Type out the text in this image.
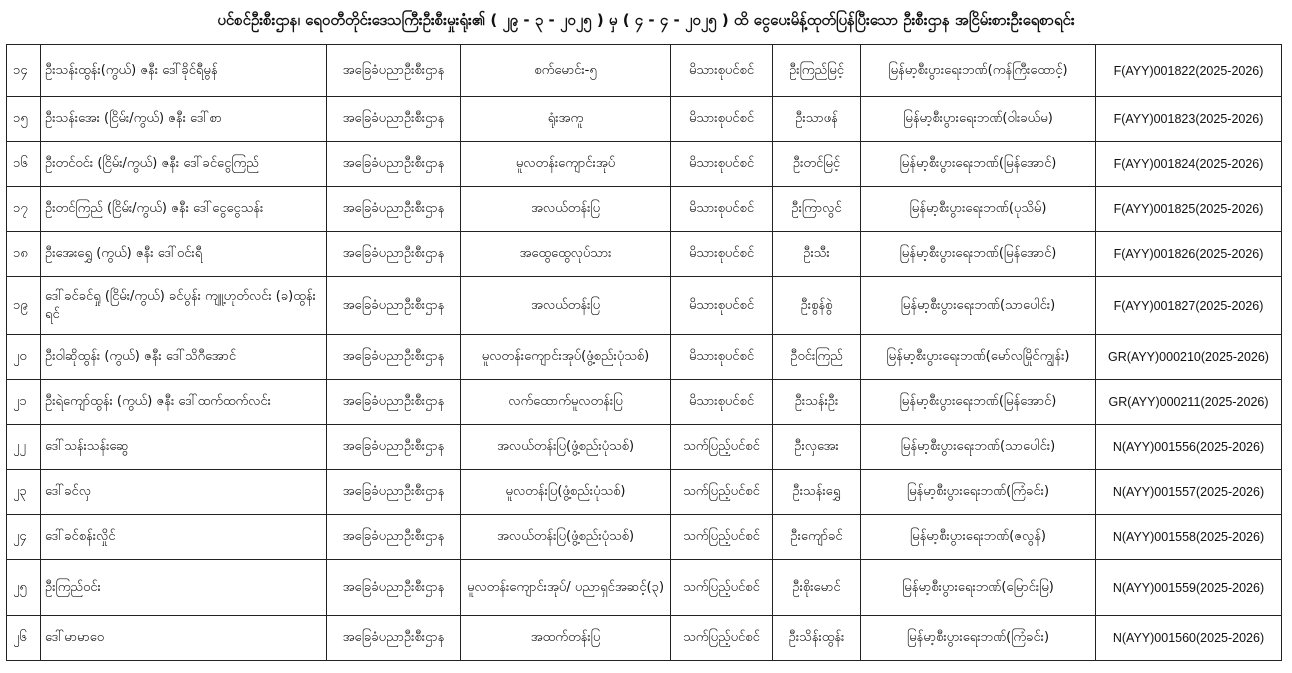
ပင်စင်ဦးစီးဌာန၊ ရေဝတီတိုင်းဒေသကြီးဦးစီးမှုးရုံး၏ ( ၂၉ - ၃ - ၂၀၂၅ ) မှ ( ၄ - ၄ - ၂၀၂၅ ) ထိ ငွေပေးမိန့်ထုတ်ပြန်ပြီးသော ဦးစီးဌာန အငြိမ်းစားဦးရေစာရင်း
၁၄	ဦးသန်းထွန်း(ကွယ်) ဇနီး ဒေါ်ခိုင်ရီမွန်	အခြေခံပညာဦးစီးဌာန	စက်မောင်း-၅	မိသားစုပင်စင်	ဦးကြည်မြင့်	မြန်မာ့စီးပွားရေးဘဏ်(ကန်ကြီးထောင့်)	F(AYY)001822(2025-2026)
၁၅	ဦးသန်းအေး (ငြိမ်း/ကွယ်) ဇနီး ဒေါ်စာ	အခြေခံပညာဦးစီးဌာန	ရုံးအကူ	မိသားစုပင်စင်	ဦးသာဖန်	မြန်မာ့စီးပွားရေးဘဏ်(ဝါးခယ်မ)	F(AYY)001823(2025-2026)
၁၆	ဦးတင်ဝင်း (ငြိမ်း/ကွယ်) ဇနီး ဒေါ်ခင်ငွေကြည်	အခြေခံပညာဦးစီးဌာန	မူလတန်းကျောင်းအုပ်	မိသားစုပင်စင်	ဦးတင်မြင့်	မြန်မာ့စီးပွားရေးဘဏ်(မြန်အောင်)	F(AYY)001824(2025-2026)
၁၇	ဦးတင်ကြည် (ငြိမ်း/ကွယ်) ဇနီး ဒေါ်ငွေငွေသန်း	အခြေခံပညာဦးစီးဌာန	အလယ်တန်းပြ	မိသားစုပင်စင်	ဦးကြာလွင်	မြန်မာ့စီးပွားရေးဘဏ်(ပုသိမ်)	F(AYY)001825(2025-2026)
၁၈	ဦးအေးရွှေ (ကွယ်) ဇနီး ဒေါ်ဝင်းရီ	အခြေခံပညာဦးစီးဌာန	အထွေထွေလုပ်သား	မိသားစုပင်စင်	ဦးသီး	မြန်မာ့စီးပွားရေးဘဏ်(မြန်အောင်)	F(AYY)001826(2025-2026)
၁၉	ဒေါ်ခင်ခင်ရှု (ငြိမ်း/ကွယ်) ခင်ပွန်း ကျူ့ဟုတ်လင်း (ခ)ထွန်းရင်	အခြေခံပညာဦးစီးဌာန	အလယ်တန်းပြ	မိသားစုပင်စင်	ဦးစွန်စွဲ	မြန်မာ့စီးပွားရေးဘဏ်(သာပေါင်း)	F(AYY)001827(2025-2026)
၂၀	ဦးဝါဆိုထွန်း (ကွယ်) ဇနီး ဒေါ်သိဂီအောင်	အခြေခံပညာဦးစီးဌာန	မူလတန်းကျောင်းအုပ်(ဖွံ့စည်းပုံသစ်)	မိသားစုပင်စင်	ဦဝင်းကြည်	မြန်မာ့စီးပွားရေးဘဏ်(မော်လမြိုင်ကျွန်း)	GR(AYY)000210(2025-2026)
၂၁	ဦးရဲကျော်ထွန်း (ကွယ်) ဇနီး ဒေါ်ထက်ထက်လင်း	အခြေခံပညာဦးစီးဌာန	လက်ထောက်မူလတန်းပြ	မိသားစုပင်စင်	ဦးသန်းဦး	မြန်မာ့စီးပွားရေးဘဏ်(မြန်အောင်)	GR(AYY)000211(2025-2026)
၂၂	ဒေါ်သန်းသန်းဆွေ	အခြေခံပညာဦးစီးဌာန	အလယ်တန်းပြ(ဖွံ့စည်းပုံသစ်)	သက်ပြည့်ပင်စင်	ဦးလှအေး	မြန်မာ့စီးပွားရေးဘဏ်(သာပေါင်း)	N(AYY)001556(2025-2026)
၂၃	ဒေါ်ခင်လှ	အခြေခံပညာဦးစီးဌာန	မူလတန်းပြ(ဖွံ့စည်းပုံသစ်)	သက်ပြည့်ပင်စင်	ဦးသန်းရွှေ	မြန်မာ့စီးပွားရေးဘဏ်(ကြံခင်း)	N(AYY)001557(2025-2026)
၂၄	ဒေါ်ခင်စန်းလှိုင်	အခြေခံပညာဦးစီးဌာန	အလယ်တန်းပြ(ဖွံ့စည်းပုံသစ်)	သက်ပြည့်ပင်စင်	ဦးကျော်ခင်	မြန်မာ့စီးပွားရေးဘဏ်(ဇလွန်)	N(AYY)001558(2025-2026)
၂၅	ဦးကြည်ဝင်း	အခြေခံပညာဦးစီးဌာန	မူလတန်းကျောင်းအုပ်/ ပညာရှင်အဆင့်(၃)	သက်ပြည့်ပင်စင်	ဦးစိုးမောင်	မြန်မာ့စီးပွားရေးဘဏ်(မြောင်းမြ)	N(AYY)001559(2025-2026)
၂၆	ဒေါ်မာမာဝေ	အခြေခံပညာဦးစီးဌာန	အထက်တန်းပြ	သက်ပြည့်ပင်စင်	ဦးသိန်းထွန်း	မြန်မာ့စီးပွားရေးဘဏ်(ကြံခင်း)	N(AYY)001560(2025-2026)
